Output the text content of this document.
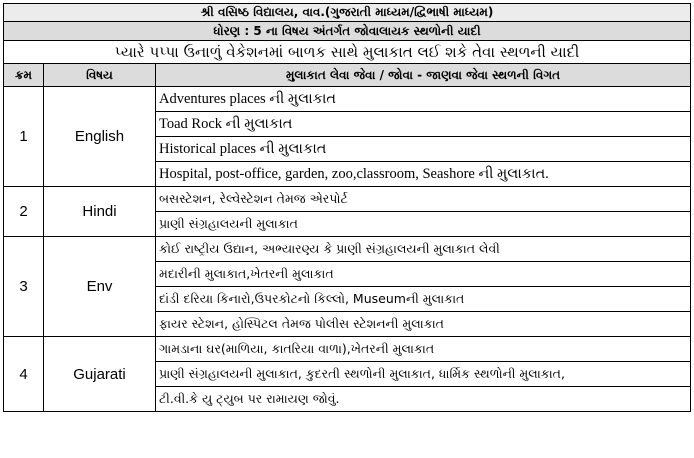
શ્રી વસિષ્ઠ વિદ્યાલય, વાવ.(ગુજરાતી માધ્યમ/દ્વિભાષી માધ્યમ)		
ધોરણ : 5 ના વિષય અંતર્ગત જોવાલાયક સ્થળોની યાદી		
પ્યારે પપ્પા ઉનાળું વેકેશનમાં બાળક સાથે મુલાકાત લઈ શકે તેવા સ્થળની યાદી		
ક્રમ	વિષય	મુલાકાત લેવા જેવા / જોવા - જાણવા જેવા સ્થળની વિગત
1	English	Adventures places ની મુલાકાત
		Toad Rock ની મુલાકાત
		Historical places ની મુલાકાત
		Hospital, post-office, garden, zoo,classroom, Seashore ની મુલાકાત.
2	Hindi	બસસ્ટેશન, રેલ્વેસ્ટેશન તેમજ એરપોર્ટ
		પ્રાણી સંગ્રહાલયની મુલાકાત
3	Env	કોઈ રાષ્ટ્રીય ઉદ્યાન, અભ્યારણ્ય કે પ્રાણી સંગ્રહાલયની મુલાકાત લેવી
		મદારીની મુલાકાત,ખેતરની મુલાકાત
		દાંડી દરિયા કિનારો,ઉપરકોટનો કિલ્લો, Museumની મુલાકાત
		ફાયર સ્ટેશન, હોસ્પિટલ તેમજ પોલીસ સ્ટેશનની મુલાકાત
4	Gujarati	ગામડાના ઘર(માળિયા, કાતરિયા વાળા),ખેતરની મુલાકાત
		પ્રાણી સંગ્રહાલયની મુલાકાત, કુદરતી સ્થળોની મુલાકાત, ધાર્મિક સ્થળોની મુલાકાત,
		ટી.વી.કે યુ ટ્યુબ પર રામાયણ જોવું.
